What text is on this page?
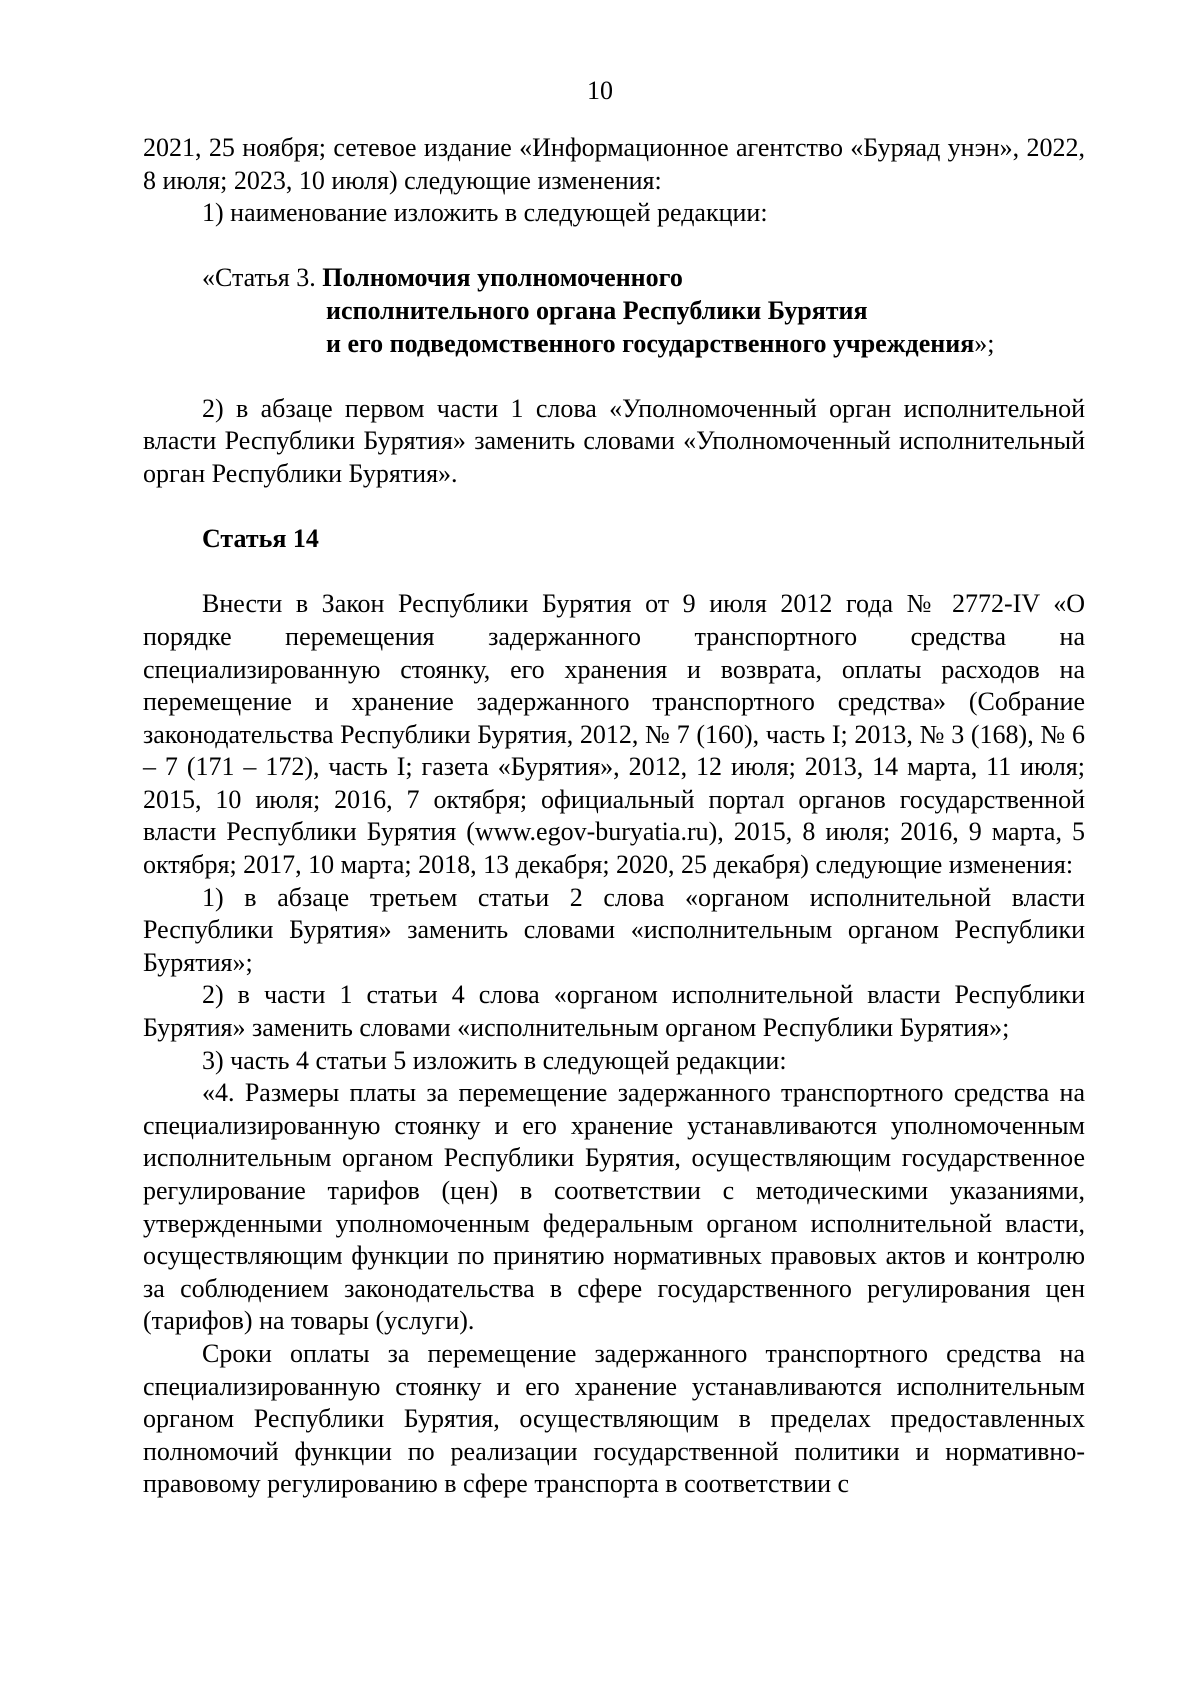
10

2021, 25 ноября; сетевое издание «Информационное агентство «Буряад унэн», 2022, 8 июля; 2023, 10 июля) следующие изменения:

1) наименование изложить в следующей редакции:

«Статья 3. Полномочия уполномоченного
исполнительного органа Республики Бурятия
и его подведомственного государственного учреждения»;

2) в абзаце первом части 1 слова «Уполномоченный орган исполнительной власти Республики Бурятия» заменить словами «Уполномоченный исполнительный орган Республики Бурятия».

Статья 14

Внести в Закон Республики Бурятия от 9 июля 2012 года № 2772-IV «О порядке перемещения задержанного транспортного средства на специализированную стоянку, его хранения и возврата, оплаты расходов на перемещение и хранение задержанного транспортного средства» (Собрание законодательства Республики Бурятия, 2012, № 7 (160), часть I; 2013, № 3 (168), № 6 – 7 (171 – 172), часть I; газета «Бурятия», 2012, 12 июля; 2013, 14 марта, 11 июля; 2015, 10 июля; 2016, 7 октября; официальный портал органов государственной власти Республики Бурятия (www.egov-buryatia.ru), 2015, 8 июля; 2016, 9 марта, 5 октября; 2017, 10 марта; 2018, 13 декабря; 2020, 25 декабря) следующие изменения:

1) в абзаце третьем статьи 2 слова «органом исполнительной власти Республики Бурятия» заменить словами «исполнительным органом Республики Бурятия»;

2) в части 1 статьи 4 слова «органом исполнительной власти Республики Бурятия» заменить словами «исполнительным органом Республики Бурятия»;

3) часть 4 статьи 5 изложить в следующей редакции:

«4. Размеры платы за перемещение задержанного транспортного средства на специализированную стоянку и его хранение устанавливаются уполномоченным исполнительным органом Республики Бурятия, осуществляющим государственное регулирование тарифов (цен) в соответствии с методическими указаниями, утвержденными уполномоченным федеральным органом исполнительной власти, осуществляющим функции по принятию нормативных правовых актов и контролю за соблюдением законодательства в сфере государственного регулирования цен (тарифов) на товары (услуги).

Сроки оплаты за перемещение задержанного транспортного средства на специализированную стоянку и его хранение устанавливаются исполнительным органом Республики Бурятия, осуществляющим в пределах предоставленных полномочий функции по реализации государственной политики и нормативно-правовому регулированию в сфере транспорта в соответствии с
